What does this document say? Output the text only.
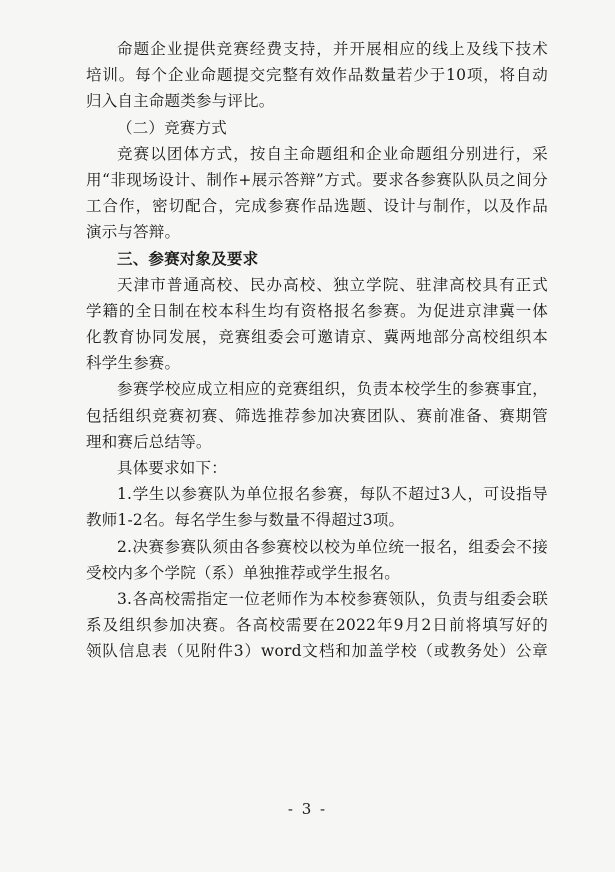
命题企业提供竞赛经费支持，并开展相应的线上及线下技术
培训。每个企业命题提交完整有效作品数量若少于10项，将自动
归入自主命题类参与评比。
（二）竞赛方式
竞赛以团体方式，按自主命题组和企业命题组分别进行，采
用“非现场设计、制作+展示答辩”方式。要求各参赛队队员之间分
工合作，密切配合，完成参赛作品选题、设计与制作，以及作品
演示与答辩。
三、参赛对象及要求
天津市普通高校、民办高校、独立学院、驻津高校具有正式
学籍的全日制在校本科生均有资格报名参赛。为促进京津冀一体
化教育协同发展，竞赛组委会可邀请京、冀两地部分高校组织本
科学生参赛。
参赛学校应成立相应的竞赛组织，负责本校学生的参赛事宜，
包括组织竞赛初赛、筛选推荐参加决赛团队、赛前准备、赛期管
理和赛后总结等。
具体要求如下：
1.学生以参赛队为单位报名参赛，每队不超过3人，可设指导
教师1-2名。每名学生参与数量不得超过3项。
2.决赛参赛队须由各参赛校以校为单位统一报名，组委会不接
受校内多个学院（系）单独推荐或学生报名。
3.各高校需指定一位老师作为本校参赛领队，负责与组委会联
系及组织参加决赛。各高校需要在2022年9月2日前将填写好的
领队信息表（见附件3）word文档和加盖学校（或教务处）公章
- 3 -
